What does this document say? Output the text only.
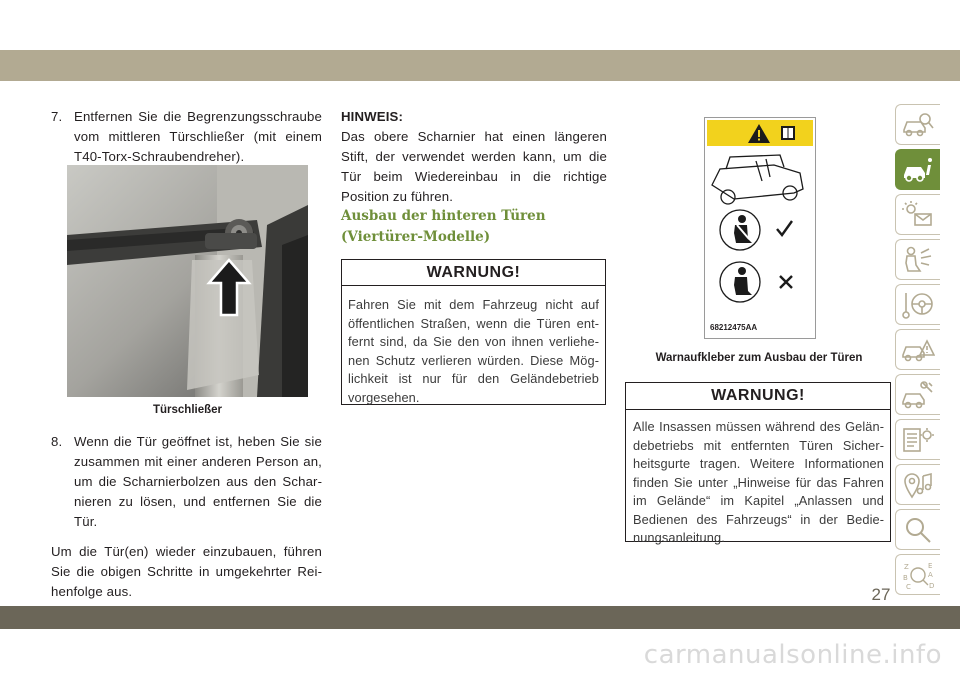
7. Entfernen Sie die Begrenzungsschraube vom mittleren Türschließer (mit einem T40-Torx-Schraubendreher).
Türschließer
8. Wenn die Tür geöffnet ist, heben Sie sie zusammen mit einer anderen Person an, um die Scharnierbolzen aus den Scharnieren zu lösen, und entfernen Sie die Tür.
Um die Tür(en) wieder einzubauen, führen Sie die obigen Schritte in umgekehrter Reihenfolge aus.
HINWEIS:
Das obere Scharnier hat einen längeren Stift, der verwendet werden kann, um die Tür beim Wiedereinbau in die richtige Position zu führen.
Ausbau der hinteren Türen
(Viertürer-Modelle)
WARNUNG!
Fahren Sie mit dem Fahrzeug nicht auf öffentlichen Straßen, wenn die Türen entfernt sind, da Sie den von ihnen verliehenen Schutz verlieren würden. Diese Möglichkeit ist nur für den Geländebetrieb vorgesehen.
68212475AA
Warnaufkleber zum Ausbau der Türen
WARNUNG!
Alle Insassen müssen während des Geländebetriebs mit entfernten Türen Sicherheitsgurte tragen. Weitere Informationen finden Sie unter „Hinweise für das Fahren im Gelände“ im Kapitel „Anlassen und Bedienen des Fahrzeugs“ in der Bedienungsanleitung.
Z	E
A
B
C	D
27
carmanualsonline.info
